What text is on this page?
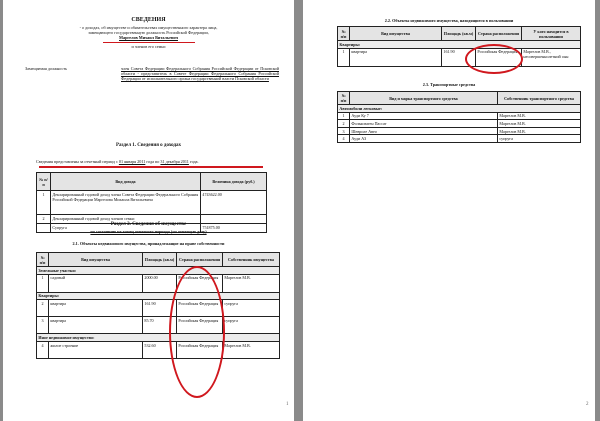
СВЕДЕНИЯ
- о доходах, об имуществе и обязательствах имущественного характера лица,
замещающего государственную должность Российской Федерации,
Маргелов Михаил Витальевич
и членов его семьи
Замещаемая должность	член Совета Федерации Федерального Собрания Российской Федерации от Псковской области - представитель в Совете Федерации Федерального Собрания Российской Федерации от исполнительного органа государственной власти Псковской области
Раздел 1. Сведения о доходах
Сведения представлены за отчетный период с 01 января 2011 года по 31 декабря 2011 года.
№ п/п	Вид дохода	Величина дохода (руб.)
1	Декларированный годовой доход члена Совета Федерации Федерального Собрания Российской Федерации Маргелова Михаила Витальевича	4743622.00
2	Декларированный годовой доход членов семьи	
	Супруга	751875.00
Раздел 2. Сведения об имуществе
по состоянию на конец отчетного периода (на отчетную дату)
2.1. Объекты недвижимого имущества, принадлежащие на праве собственности
№ п/п	Вид имущества	Площадь (кв.м)	Страна расположения	Собственник имущества
Земельные участки:				
1	садовый	2000.00	Российская Федерация	Маргелов М.В.
Квартиры:				
2	квартира	161.90	Российская Федерация	супруга
3	квартира	85.70	Российская Федерация	супруга
Иное недвижимое имущество:				
4	жилое строение	532.60	Российская Федерация	Маргелов М.В.
1
2.2. Объекты недвижимого имущества, находящиеся в пользовании
№ п/п	Вид имущества	Площадь (кв.м)	Страна расположения	У кого находится в пользовании
Квартиры:				
1	квартира	161.90	Российская Федерация	Маргелов М.В., несовершеннолетний сын
2.3. Транспортные средства
№ п/п	Вид и марка транспортного средства	Собственник транспортного средства
Автомобили легковые:		
1	Ауди Ку 7	Маргелов М.В.
2	Фольксваген Пассат	Маргелов М.В.
3	Шевроле Авео	Маргелов М.В.
4	Ауди А3	супруга
2
